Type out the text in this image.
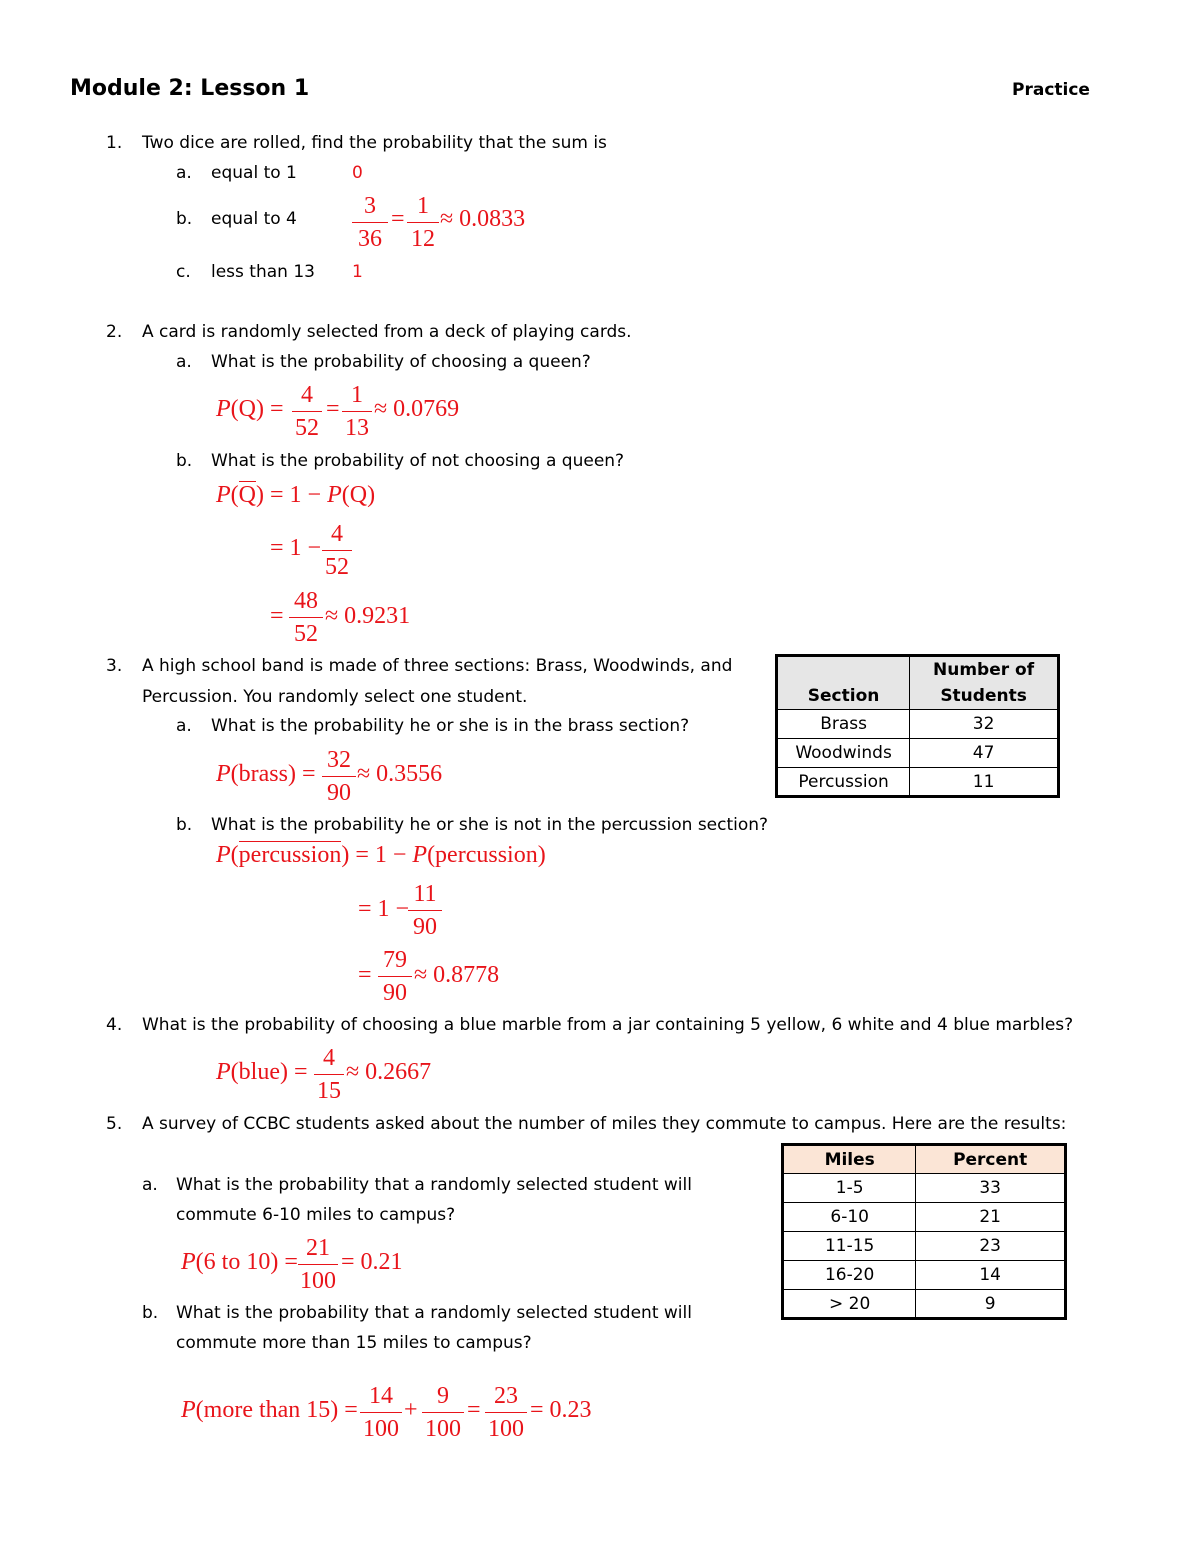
Module 2: Lesson 1	Practice
1. Two dice are rolled, find the probability that the sum is
a. equal to 1	0
b. equal to $4 \frac{3}{36} = \frac{1}{12} \approx 0.0833$
c. less than 13 1
2. A card is randomly selected from a deck of playing cards.
a. What is the probability of choosing a queen?
$P(Q) = \frac{4}{52} = \frac{1}{13} \approx 0.0769$
b. What is the probability of not choosing a queen?
P(Q) = 1 − P(Q)
= $1 - \frac{4}{52}$
= $\frac{48}{52} \approx 0.9231$
3. A high school band is made of three sections: Brass, Woodwinds, and
Percussion. You randomly select one student.
a. What is the probability he or she is in the brass section?
P(brass) = $\frac{32}{90} \approx 0.3556$
Section	Number of Students
Brass	32
Woodwinds	47
Percussion	11
b. What is the probability he or she is not in the percussion section?
P(percussion) = 1 − P(percussion)
= 1 −
$\frac{11}{90}$
= $\frac{79}{90} \approx 0.8778$
4. What is the probability of choosing a blue marble from a jar containing 5 yellow, 6 white and 4 blue marbles?
P(blue) = $\frac{4}{15} \approx 0.2667$
5. A survey of CCBC students asked about the number of miles they commute to campus. Here are the results:
a. What is the probability that a randomly selected student will
commute 6-10 miles to campus?
P(6 to $10) = \frac{21}{100} = 0.21$
Miles	Percent
1-5	33
6-10	21
11-15	23
16-20	14
> 20	9
b. What is the probability that a randomly selected student will
commute more than 15 miles to campus?
P(more than $15) = \frac{14}{100} + \frac{9}{100} = \frac{23}{100} = 0.23$
